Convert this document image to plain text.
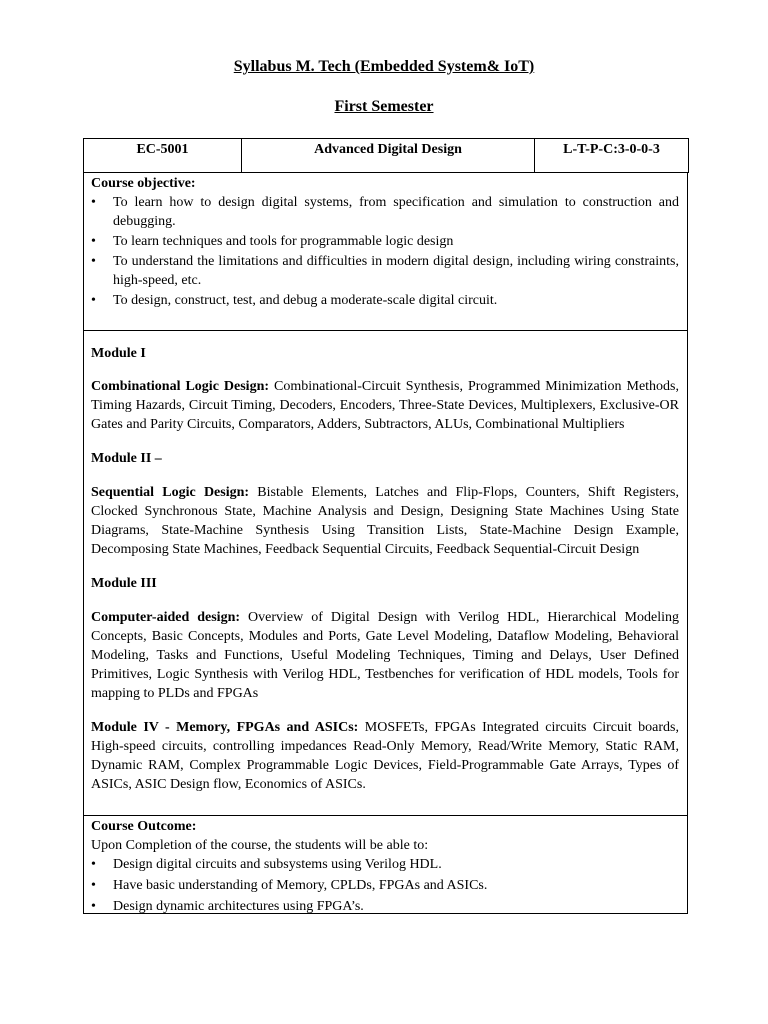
Syllabus M. Tech (Embedded System& IoT)
First Semester
EC-5001	Advanced Digital Design	L-T-P-C:3-0-0-3
Course objective:
• To learn how to design digital systems, from specification and simulation to construction and debugging.
• To learn techniques and tools for programmable logic design
• To understand the limitations and difficulties in modern digital design, including wiring constraints, high-speed, etc.
• To design, construct, test, and debug a moderate-scale digital circuit.
Module I

Combinational Logic Design: Combinational-Circuit Synthesis, Programmed Minimization Methods, Timing Hazards, Circuit Timing, Decoders, Encoders, Three-State Devices, Multiplexers, Exclusive-OR Gates and Parity Circuits, Comparators, Adders, Subtractors, ALUs, Combinational Multipliers

Module II –

Sequential Logic Design: Bistable Elements, Latches and Flip-Flops, Counters, Shift Registers, Clocked Synchronous State, Machine Analysis and Design, Designing State Machines Using State Diagrams, State-Machine Synthesis Using Transition Lists, State-Machine Design Example, Decomposing State Machines, Feedback Sequential Circuits, Feedback Sequential-Circuit Design

Module III

Computer-aided design: Overview of Digital Design with Verilog HDL, Hierarchical Modeling Concepts, Basic Concepts, Modules and Ports, Gate Level Modeling, Dataflow Modeling, Behavioral Modeling, Tasks and Functions, Useful Modeling Techniques, Timing and Delays, User Defined Primitives, Logic Synthesis with Verilog HDL, Testbenches for verification of HDL models, Tools for mapping to PLDs and FPGAs

Module IV - Memory, FPGAs and ASICs: MOSFETs, FPGAs Integrated circuits Circuit boards, High-speed circuits, controlling impedances Read-Only Memory, Read/Write Memory, Static RAM, Dynamic RAM, Complex Programmable Logic Devices, Field-Programmable Gate Arrays, Types of ASICs, ASIC Design flow, Economics of ASICs.

Course Outcome:
Upon Completion of the course, the students will be able to:
• Design digital circuits and subsystems using Verilog HDL.
• Have basic understanding of Memory, CPLDs, FPGAs and ASICs.
• Design dynamic architectures using FPGA’s.
